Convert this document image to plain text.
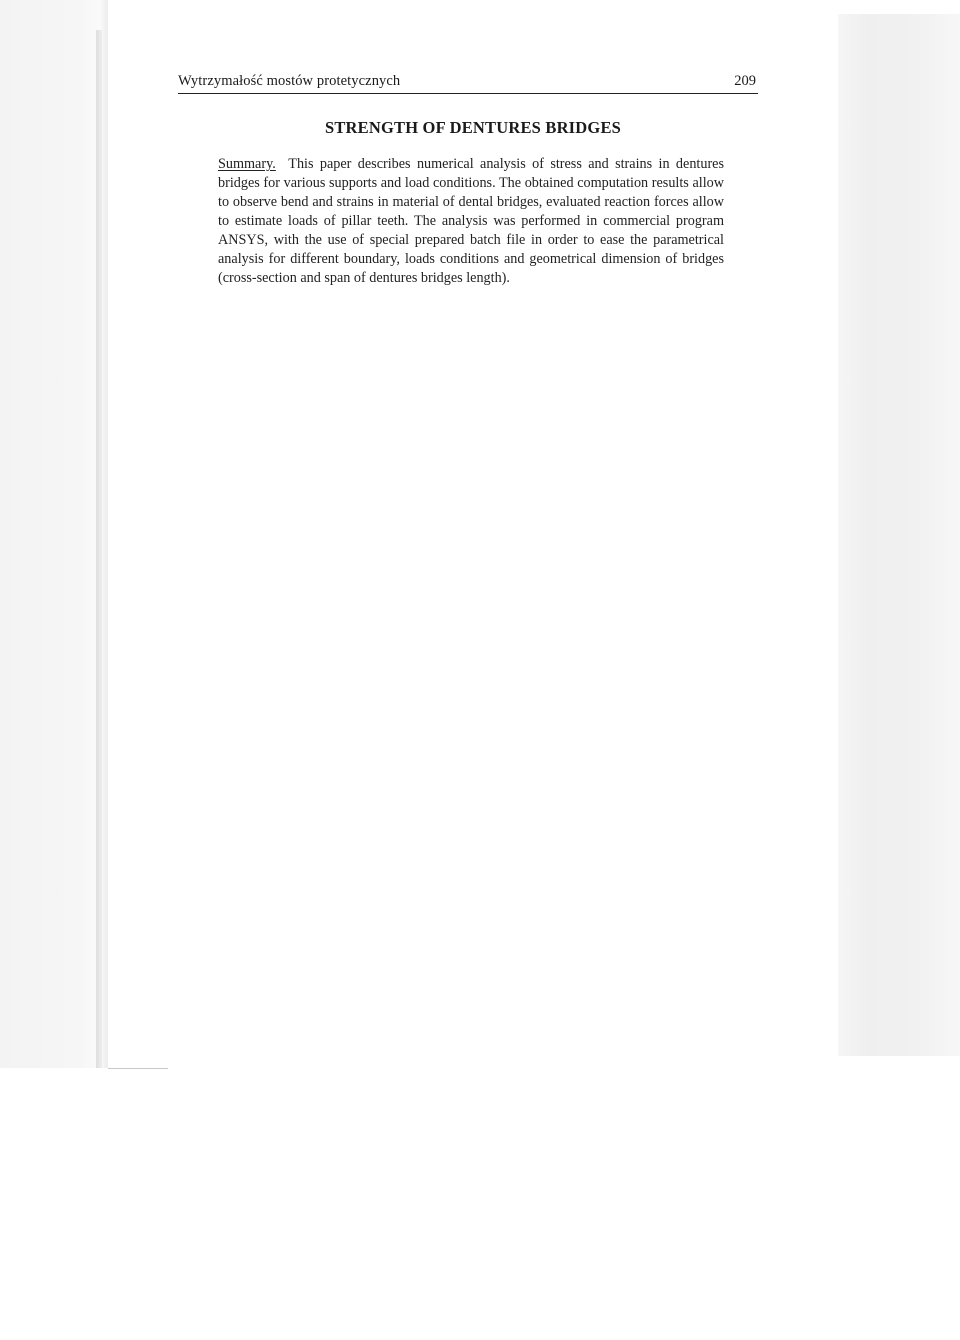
Wytrzymałość mostów protetycznych	209
STRENGTH OF DENTURES BRIDGES
Summary. This paper describes numerical analysis of stress and strains in dentures bridges for various supports and load conditions. The obtained computation results allow to observe bend and strains in material of dental bridges, evaluated reaction forces allow to estimate loads of pillar teeth. The analysis was performed in commercial program ANSYS, with the use of special prepared batch file in order to ease the parametrical analysis for different boundary, loads conditions and geometrical dimension of bridges (cross-section and span of dentures bridges length).
